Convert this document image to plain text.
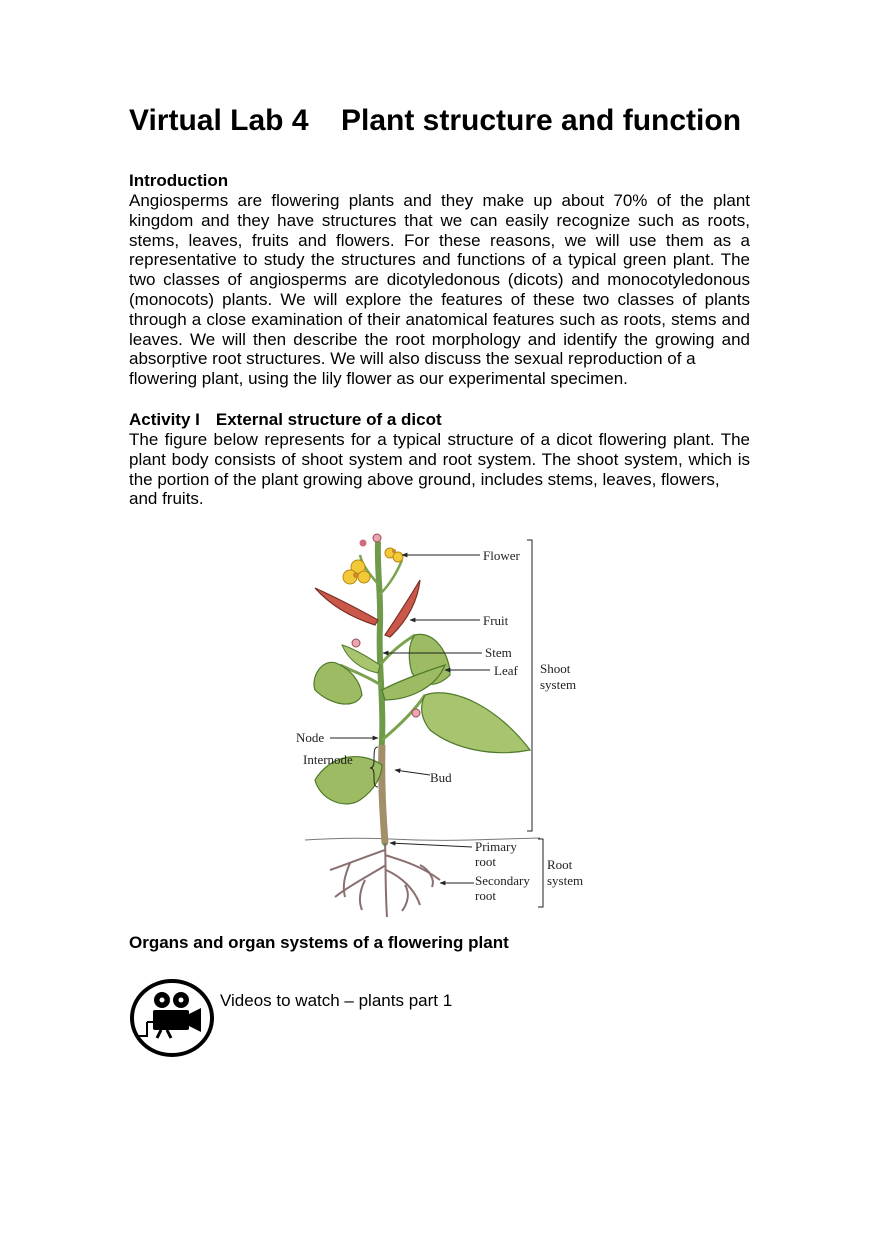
Virtual Lab 4 Plant structure and function
Introduction
Angiosperms are flowering plants and they make up about 70% of the plant kingdom and they have structures that we can easily recognize such as roots, stems, leaves, fruits and flowers. For these reasons, we will use them as a representative to study the structures and functions of a typical green plant. The two classes of angiosperms are dicotyledonous (dicots) and monocotyledonous (monocots) plants. We will explore the features of these two classes of plants through a close examination of their anatomical features such as roots, stems and leaves. We will then describe the root morphology and identify the growing and absorptive root structures. We will also discuss the sexual reproduction of a
flowering plant, using the lily flower as our experimental specimen.
Activity I External structure of a dicot
The figure below represents for a typical structure of a dicot flowering plant. The plant body consists of shoot system and root system. The shoot system, which is the portion of the plant growing above ground, includes stems, leaves, flowers,
and fruits.
Flower
Fruit
Stem
Leaf Shoot
system
Node
Internode
Bud
Primary
root
Secondary
root
Root
system
Organs and organ systems of a flowering plant
Videos to watch – plants part 1
